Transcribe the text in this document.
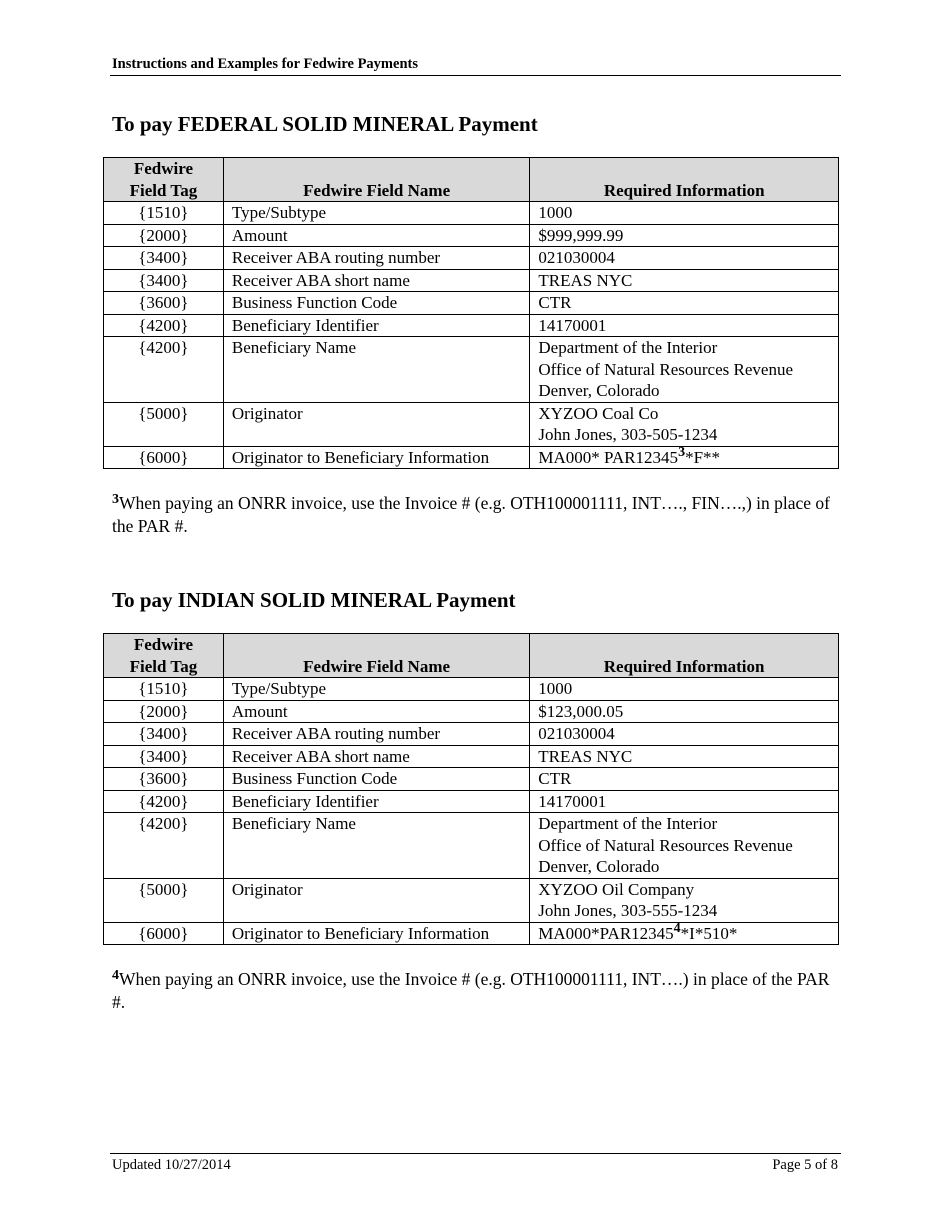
Instructions and Examples for Fedwire Payments
To pay FEDERAL SOLID MINERAL Payment
Fedwire
Field Tag	Fedwire Field Name	Required Information
{1510}	Type/Subtype	1000

{2000}	Amount	$999,999.99

{3400}	Receiver ABA routing number	021030004

{3400}	Receiver ABA short name	TREAS NYC

{3600}	Business Function Code	CTR

{4200}	Beneficiary Identifier	14170001

{4200}	Beneficiary Name	Department of the Interior
Office of Natural Resources Revenue
Denver, Colorado

{5000}	Originator	XYZOO Coal Co
John Jones, 303-505-1234

{6000}	Originator to Beneficiary Information	MA000* PAR12345$^3$*F**
$^3$When paying an ONRR invoice, use the Invoice # (e.g. OTH100001111, INT…., FIN….,) in place of the PAR #.
To pay INDIAN SOLID MINERAL Payment
Fedwire
Field Tag	Fedwire Field Name	Required Information
{1510}	Type/Subtype	1000

{2000}	Amount	$123,000.05

{3400}	Receiver ABA routing number	021030004

{3400}	Receiver ABA short name	TREAS NYC

{3600}	Business Function Code	CTR

{4200}	Beneficiary Identifier	14170001

{4200}	Beneficiary Name	Department of the Interior
Office of Natural Resources Revenue
Denver, Colorado

{5000}	Originator	XYZOO Oil Company
John Jones, 303-555-1234

{6000}	Originator to Beneficiary Information	MA000*PAR12345$^4$*I*510*
$^4$When paying an ONRR invoice, use the Invoice # (e.g. OTH100001111, INT….) in place of the PAR #.
Updated 10/27/2014	Page 5 of 8
